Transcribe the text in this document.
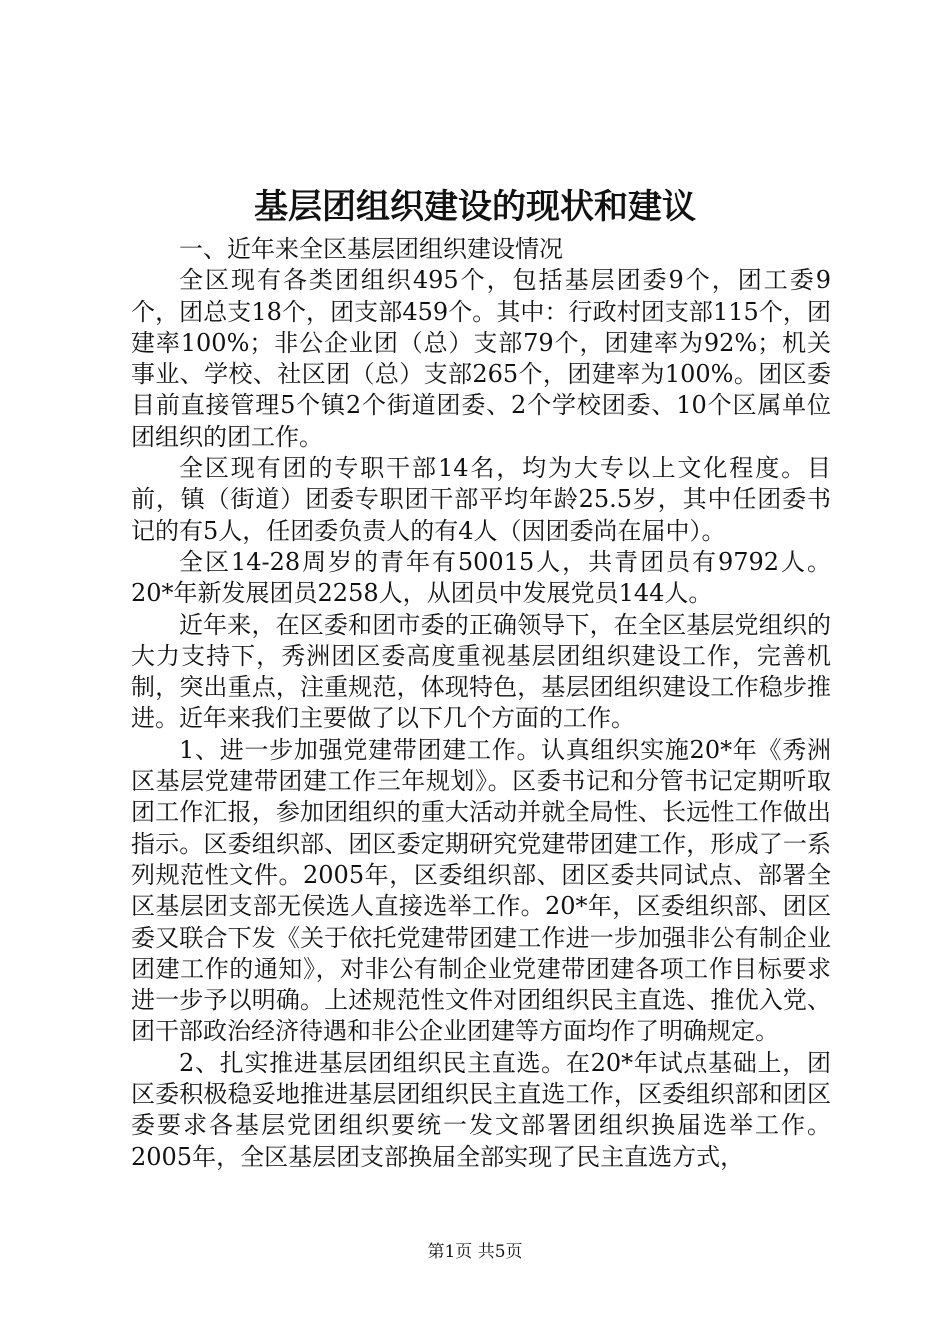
基层团组织建设的现状和建议

一、近年来全区基层团组织建设情况

全区现有各类团组织495个，包括基层团委9个，团工委9个，团总支18个，团支部459个。其中：行政村团支部115个，团建率100%；非公企业团（总）支部79个，团建率为92%；机关事业、学校、社区团（总）支部265个，团建率为100%。团区委目前直接管理5个镇2个街道团委、2个学校团委、10个区属单位团组织的团工作。

全区现有团的专职干部14名，均为大专以上文化程度。目前，镇（街道）团委专职团干部平均年龄25.5岁，其中任团委书记的有5人，任团委负责人的有4人（因团委尚在届中）。

全区14-28周岁的青年有50015人，共青团员有9792人。20*年新发展团员2258人，从团员中发展党员144人。

近年来，在区委和团市委的正确领导下，在全区基层党组织的大力支持下，秀洲团区委高度重视基层团组织建设工作，完善机制，突出重点，注重规范，体现特色，基层团组织建设工作稳步推进。近年来我们主要做了以下几个方面的工作。

1、进一步加强党建带团建工作。认真组织实施20*年《秀洲区基层党建带团建工作三年规划》。区委书记和分管书记定期听取团工作汇报，参加团组织的重大活动并就全局性、长远性工作做出指示。区委组织部、团区委定期研究党建带团建工作，形成了一系列规范性文件。2005年，区委组织部、团区委共同试点、部署全区基层团支部无侯选人直接选举工作。20*年，区委组织部、团区委又联合下发《关于依托党建带团建工作进一步加强非公有制企业团建工作的通知》，对非公有制企业党建带团建各项工作目标要求进一步予以明确。上述规范性文件对团组织民主直选、推优入党、团干部政治经济待遇和非公企业团建等方面均作了明确规定。

2、扎实推进基层团组织民主直选。在20*年试点基础上，团区委积极稳妥地推进基层团组织民主直选工作，区委组织部和团区委要求各基层党团组织要统一发文部署团组织换届选举工作。2005年，全区基层团支部换届全部实现了民主直选方式，

第1页 共5页
